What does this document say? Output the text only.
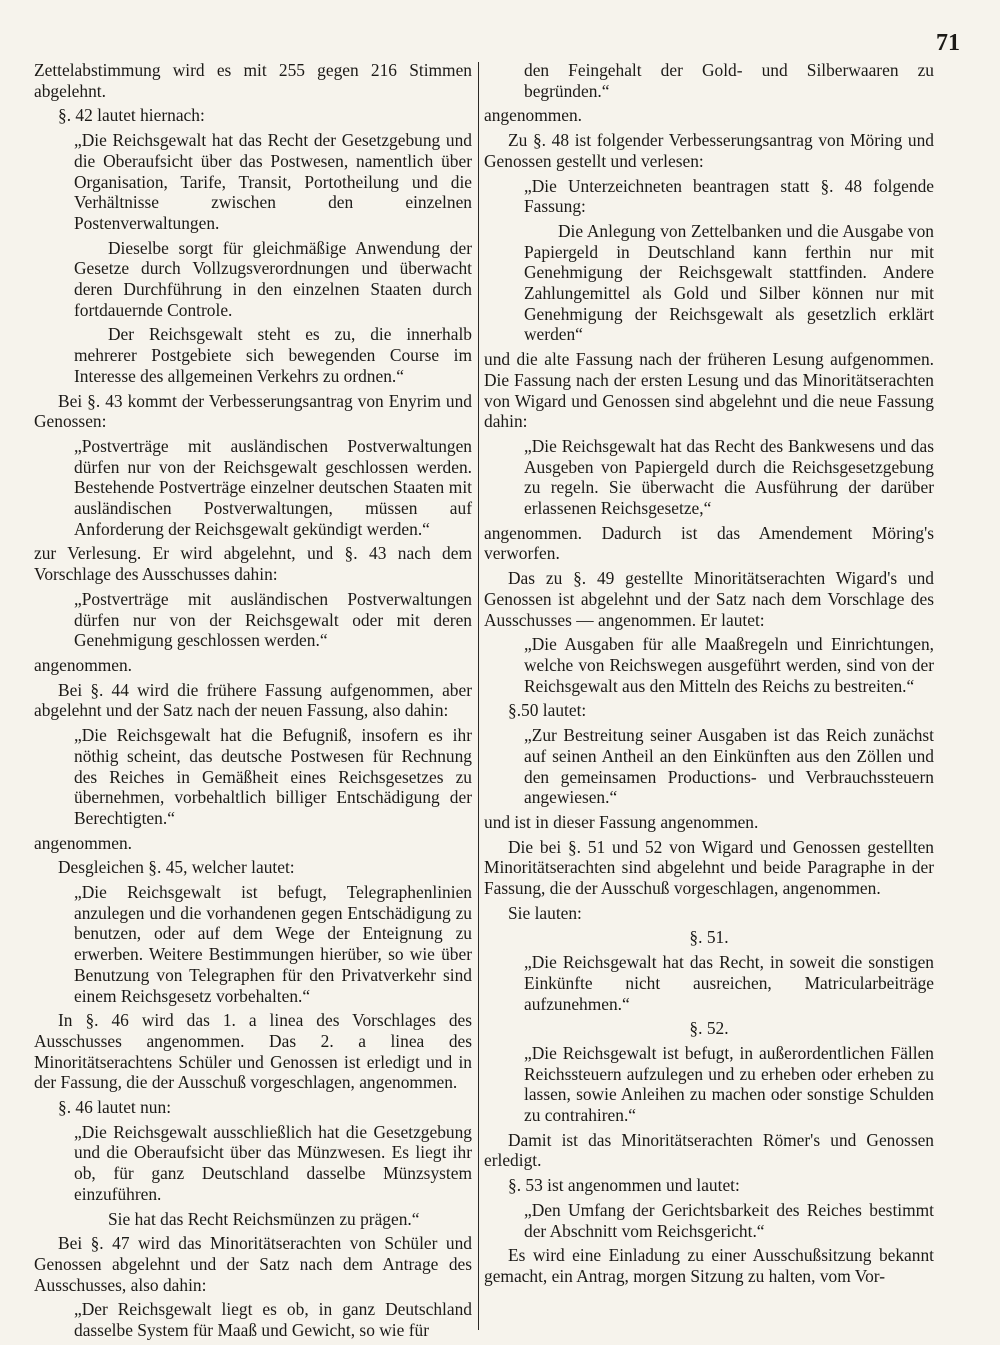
71

Zettelabstimmung wird es mit 255 gegen 216 Stimmen abgelehnt.

§. 42 lautet hiernach:

„Die Reichsgewalt hat das Recht der Gesetzgebung und die Oberaufsicht über das Postwesen, namentlich über Organisation, Tarife, Transit, Portotheilung und die Verhältnisse zwischen den einzelnen Postenverwaltungen.

Dieselbe sorgt für gleichmäßige Anwendung der Gesetze durch Vollzugsverordnungen und überwacht deren Durchführung in den einzelnen Staaten durch fortdauernde Controle.

Der Reichsgewalt steht es zu, die innerhalb mehrerer Postgebiete sich bewegenden Course im Interesse des allgemeinen Verkehrs zu ordnen.“

Bei §. 43 kommt der Verbesserungsantrag von Enyrim und Genossen:

„Postverträge mit ausländischen Postverwaltungen dürfen nur von der Reichsgewalt geschlossen werden. Bestehende Postverträge einzelner deutschen Staaten mit ausländischen Postverwaltungen, müssen auf Anforderung der Reichsgewalt gekündigt werden.“

zur Verlesung. Er wird abgelehnt, und §. 43 nach dem Vorschlage des Ausschusses dahin:

„Postverträge mit ausländischen Postverwaltungen dürfen nur von der Reichsgewalt oder mit deren Genehmigung geschlossen werden.“

angenommen.

Bei §. 44 wird die frühere Fassung aufgenommen, aber abgelehnt und der Satz nach der neuen Fassung, also dahin:

„Die Reichsgewalt hat die Befugniß, insofern es ihr nöthig scheint, das deutsche Postwesen für Rechnung des Reiches in Gemäßheit eines Reichsgesetzes zu übernehmen, vorbehaltlich billiger Entschädigung der Berechtigten.“

angenommen.

Desgleichen §. 45, welcher lautet:

„Die Reichsgewalt ist befugt, Telegraphenlinien anzulegen und die vorhandenen gegen Entschädigung zu benutzen, oder auf dem Wege der Enteignung zu erwerben. Weitere Bestimmungen hierüber, so wie über Benutzung von Telegraphen für den Privatverkehr sind einem Reichsgesetz vorbehalten.“

In §. 46 wird das 1. a linea des Vorschlages des Ausschusses angenommen. Das 2. a linea des Minoritätserachtens Schüler und Genossen ist erledigt und in der Fassung, die der Ausschuß vorgeschlagen, angenommen.

§. 46 lautet nun:

„Die Reichsgewalt ausschließlich hat die Gesetzgebung und die Oberaufsicht über das Münzwesen. Es liegt ihr ob, für ganz Deutschland dasselbe Münzsystem einzuführen.

Sie hat das Recht Reichsmünzen zu prägen.“

Bei §. 47 wird das Minoritätserachten von Schüler und Genossen abgelehnt und der Satz nach dem Antrage des Ausschusses, also dahin:

„Der Reichsgewalt liegt es ob, in ganz Deutschland dasselbe System für Maaß und Gewicht, so wie für

den Feingehalt der Gold- und Silberwaaren zu begründen.“

angenommen.

Zu §. 48 ist folgender Verbesserungsantrag von Möring und Genossen gestellt und verlesen:

„Die Unterzeichneten beantragen statt §. 48 folgende Fassung:

Die Anlegung von Zettelbanken und die Ausgabe von Papiergeld in Deutschland kann ferthin nur mit Genehmigung der Reichsgewalt stattfinden. Andere Zahlungemittel als Gold und Silber können nur mit Genehmigung der Reichsgewalt als gesetzlich erklärt werden“

und die alte Fassung nach der früheren Lesung aufgenommen. Die Fassung nach der ersten Lesung und das Minoritätserachten von Wigard und Genossen sind abgelehnt und die neue Fassung dahin:

„Die Reichsgewalt hat das Recht des Bankwesens und das Ausgeben von Papiergeld durch die Reichsgesetzgebung zu regeln. Sie überwacht die Ausführung der darüber erlassenen Reichsgesetze,“

angenommen. Dadurch ist das Amendement Möring's verworfen.

Das zu §. 49 gestellte Minoritätserachten Wigard's und Genossen ist abgelehnt und der Satz nach dem Vorschlage des Ausschusses — angenommen. Er lautet:

„Die Ausgaben für alle Maaßregeln und Einrichtungen, welche von Reichswegen ausgeführt werden, sind von der Reichsgewalt aus den Mitteln des Reichs zu bestreiten.“

§.50 lautet:

„Zur Bestreitung seiner Ausgaben ist das Reich zunächst auf seinen Antheil an den Einkünften aus den Zöllen und den gemeinsamen Productions- und Verbrauchssteuern angewiesen.“

und ist in dieser Fassung angenommen.

Die bei §. 51 und 52 von Wigard und Genossen gestellten Minoritätserachten sind abgelehnt und beide Paragraphe in der Fassung, die der Ausschuß vorgeschlagen, angenommen.

Sie lauten:

§. 51.

„Die Reichsgewalt hat das Recht, in soweit die sonstigen Einkünfte nicht ausreichen, Matricularbeiträge aufzunehmen.“

§. 52.

„Die Reichsgewalt ist befugt, in außerordentlichen Fällen Reichssteuern aufzulegen und zu erheben oder erheben zu lassen, sowie Anleihen zu machen oder sonstige Schulden zu contrahiren.“

Damit ist das Minoritätserachten Römer's und Genossen erledigt.

§. 53 ist angenommen und lautet:

„Den Umfang der Gerichtsbarkeit des Reiches bestimmt der Abschnitt vom Reichsgericht.“

Es wird eine Einladung zu einer Ausschußsitzung bekannt gemacht, ein Antrag, morgen Sitzung zu halten, vom Vor-
